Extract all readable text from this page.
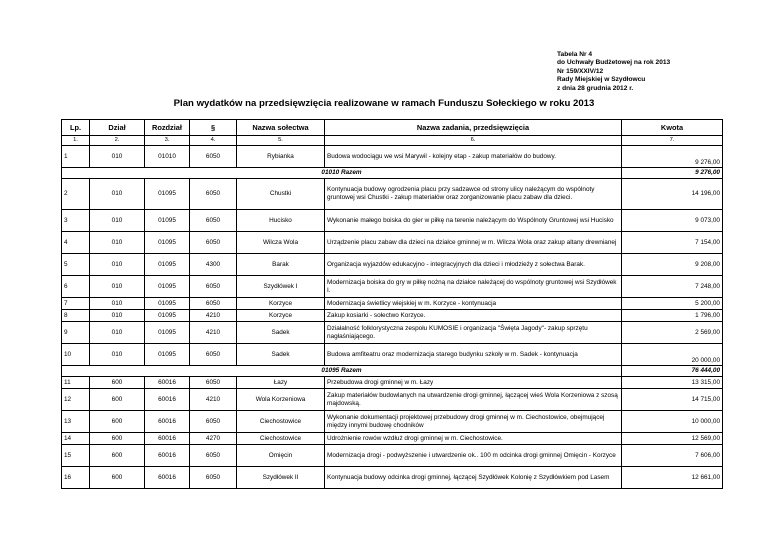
Tabela Nr 4
do Uchwały Budżetowej na rok 2013
Nr 159/XXIV/12
Rady Miejskiej w Szydłowcu
z dnia 28 grudnia 2012 r.
Plan wydatków na przedsięwzięcia realizowane w ramach Funduszu Sołeckiego w roku 2013
Lp.	Dział	Rozdział	§	Nazwa sołectwa	Nazwa zadania, przedsięwzięcia	Kwota
1.	2.	3.	4.	5.	6.	7.
1	010	01010	6050	Rybianka	Budowa wodociągu we wsi Marywil - kolejny etap - zakup materiałów do budowy.	9 276,00
01010 Razem						9 276,00
2	010	01095	6050	Chustki	Kontynuacja budowy ogrodzenia placu przy sadzawce od strony ulicy należącym do wspólnoty gruntowej wsi Chustki - zakup materiałów oraz zorganizowanie placu zabaw dla dzieci.	14 196,00
3	010	01095	6050	Hucisko	Wykonanie małego boiska do gier w piłkę na terenie należącym do Wspólnoty Gruntowej wsi Hucisko	9 073,00
4	010	01095	6050	Wilcza Wola	Urządzenie placu zabaw dla dzieci na działce gminnej w m. Wilcza Wola oraz zakup altany drewnianej	7 154,00
5	010	01095	4300	Barak	Organizacja wyjazdów edukacyjno - integracyjnych dla dzieci i młodzieży z sołectwa Barak.	9 208,00
6	010	01095	6050	Szydłówek I	Modernizacja boiska do gry w piłkę nożną na działce należącej do wspólnoty gruntowej wsi Szydłówek I.	7 248,00
7	010	01095	6050	Korzyce	Modernizacja świetlicy wiejskiej w m. Korzyce - kontynuacja	5 200,00
8	010	01095	4210	Korzyce	Zakup kosiarki - sołectwo Korzyce.	1 796,00
9	010	01095	4210	Sadek	Działalność folklorystyczna zespołu KUMOSIE i organizacja "Święta Jagody"- zakup sprzętu nagłaśniającego.	2 569,00
10	010	01095	6050	Sadek	Budowa amfiteatru oraz modernizacja starego budynku szkoły w m. Sadek - kontynuacja	20 000,00
01095 Razem						76 444,00
11	600	60016	6050	Łazy	Przebudowa drogi gminnej w m. Łazy	13 315,00
12	600	60016	4210	Wola Korzeniowa	Zakup materiałów budowlanych na utwardzenie drogi gminnej, łączącej wieś Wola Korzeniowa z szosą majdowską.	14 715,00
13	600	60016	6050	Ciechostowice	Wykonanie dokumentacji projektowej przebudowy drogi gminnej w m. Ciechostowice, obejmującej między innymi budowę chodników	10 000,00
14	600	60016	4270	Ciechostowice	Udrożnienie rowów wzdłuż drogi gminnej w m. Ciechostowice.	12 569,00
15	600	60016	6050	Omięcin	Modernizacja drogi - podwyższenie i utwardzenie ok.. 100 m odcinka drogi gminnej Omięcin - Korzyce	7 606,00
16	600	60016	6050	Szydłówek II	Kontynuacja budowy odcinka drogi gminnej, łączącej Szydłówek Kolonię z Szydłówkiem pod Lasem	12 661,00
